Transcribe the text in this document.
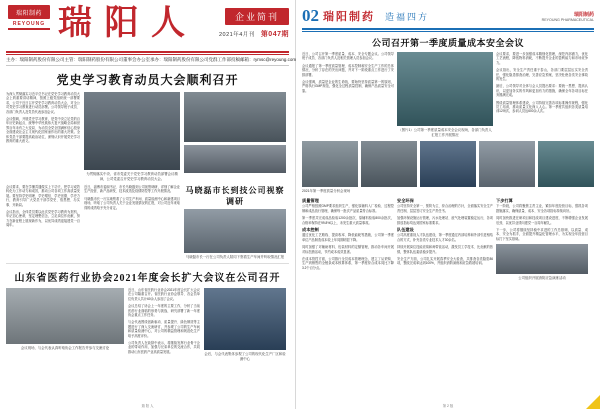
瑞阳制药
REYOUNG 瑞 阳 人	企业简刊
2021年4月刊 第047期
主办：瑞阳制药股份有限公司 主管：瑞阳制药股份有限公司董事会办公室 承办：瑞阳制药股份有限公司党群工作部 投稿邮箱：rymsc@reyoung.com
党史学习教育动员大会顺利召开

为深入贯彻落实习近平总书记在党史学习教育动员大会上的重要讲话精神，按照上级党组织统一部署要求，公司于近日召开党史学习教育动员大会，对全公司党史学习教育进行动员部署。公司领导班子成员、各部门负责人及党员代表参加会议。

会议强调，开展党史学习教育，是党中央立足党的百年历史新起点、统筹中华民族伟大复兴战略全局和世界百年未有之大变局、为动员全党全国满怀信心投身全面建设社会主义现代化国家而作出的重大决策。全体党员干部要提高政治站位，深刻认识开展党史学习教育的重大意义。

为贯彻落实中央、省市党委关于党史学习教育动员部署会议精神，公司党委召开党史学习教育动员大会。

会议要求，要在学懂弄通做实上下功夫，把学习成效转化为工作动力和成效，推动公司各项工作高质量发展。要坚持学史明理、学史增信、学史崇德、学史力行，教育引导广大党员干部学党史、悟思想、办实事、开新局。

会议指出，全体党员要以此次党史学习教育为契机，牢记初心使命，坚定理想信念，立足岗位作贡献，努力在新征程上展现新作为，以优异成绩迎接建党一百周年。

近日，淄博市委副书记、市长马晓磊到公司视察调研，详细了解企业生产经营、新产品研发、技术改造及疫情防控等工作开展情况。

马晓磊市长一行实地察看了公司生产车间、质量检测中心和新建项目现场，听取了公司负责人关于企业发展情况的汇报，对公司近年来取得的成绩给予充分肯定。

马晓磊市长到技公司视察调研
马晓磊市长一行在公司负责人陪同下察看生产车间并听取情况汇报
山东省医药行业协会2021年度会长扩大会议在公司召开
会议现场，与会代表认真听取协会工作报告并参与交流讨论

近日，山东省医药行业协会2021年度会长扩大会议在公司隆重召开。省医药行业协会领导、各会员单位负责人共计60余人参加了会议。

会议总结了协会上一年度的主要工作，分析了当前医药行业面临的形势与挑战，研究部署了新一年度协会重点工作任务。

与会代表围绕创新驱动、质量提升、绿色制造等主题进行了深入交流研讨，并参观了公司的生产车间和质量检测中心，对公司的精益管理和规范化生产给予高度评价。

公司负责人在致辞中表示，将继续发挥行业骨干企业的带动作用，加强与兄弟单位的交流合作，共同推动山东医药产业高质量发展。

会后，与会代表集体参观了公司的现代化生产厂区和检测中心
瑞 阳 人
02 瑞阳制药 造福四方	瑞阳制药
REYOUNG PHARMACEUTICAL
公司召开第一季度质量成本安全会议

近日，公司召开第一季度质量、成本、安全专题会议。公司领导班子成员、各部门负责人及相关管理人员参加会议。

会议通报了第一季度质量管理、成本控制和安全生产工作的总体情况，分析了存在的突出问题，并对下一阶段重点工作进行了安排部署。

会议强调，质量是企业的生命线，要始终坚持质量第一的原则，严格执行GMP规范，强化全过程质量控制，确保产品质量安全可靠。

（图片1）公司第一季度质量成本安全会议现场，各部门负责人汇报工作开展情况

会议要求，要进一步加强成本精细化管理，深挖内部潜力，优化工艺流程，降低物料消耗，不断提升企业的盈利能力和市场竞争力。

会议指出，安全生产责任重于泰山，各部门要层层压实安全责任，强化隐患排查治理，完善应急预案，坚决杜绝各类安全事故的发生。

最后，公司领导对全体与会人员提出要求：要统一思想、提高认识，以更加务实的作风和更加有力的措施，确保全年各项目标任务圆满完成。

围绕质量管理体系建设，公司持续完善各项标准操作规程，强化员工培训，推动质量文化深入人心。第一季度共组织各类质量培训12场次，参训人员达600余人次。

2021年第一季度质量分析会现场
质量管理

公司严格按照GMP要求组织生产，强化原辅料入厂检验、过程控制和成品放行管理，确保每一批次产品质量符合标准。

第一季度共完成成品检验1200余批次，原辅料检验800余批次，合格率保持在99.8%以上，未发生重大质量事故。

成本控制

通过优化工艺路线、提高收率、降低能耗等措施，公司第一季度单位产品制造成本较上年同期明显下降。

同时加强了对辅助材料、包装材料的定额管理，推动各车间开展对标挖潜活动，节约成本成效显著。

在成本管控方面，公司推行全员成本管理理念，建立了从采购、生产到销售的全链条成本核算体系，第一季度综合成本同比下降3.2个百分点。

安全环保

公司坚持安全第一、预防为主、综合治理的方针，全面落实安全生产责任制，层层签订安全生产责任书。

加强环保设施运行管理，污水处理站、废气处理装置稳定运行，各项排放指标均达到国家标准要求。

队伍建设

公司高度重视人才队伍建设，第一季度通过内部培养和外部引进相结合的方式，补充各类专业技术人才30余名。

持续开展岗位技能竞赛和师带徒活动，激发员工学技术、比贡献的热情，整体队伍素质稳步提升。

安全生产方面，公司扎实开展春季安全大检查，共排查各类隐患86项，整改完成率达到100%，并组织消防演练和应急救援培训。

下步打算

下一阶段，公司将聚焦主责主业，紧扣年度经营目标，狠抓各项措施落实，确保质量、成本、安全各项指标持续向好。

同时加快推进在研项目和技改项目建设进度，不断增强企业发展后劲，以优异业绩向建党一百周年献礼。

下一步，公司将继续坚持稳中求进的工作总基调，以质量、成本、安全为抓手，全面提升精益化管理水平，为实现全年经营目标打下坚实基础。

公司组织开展消防应急演练活动
第 2 版
